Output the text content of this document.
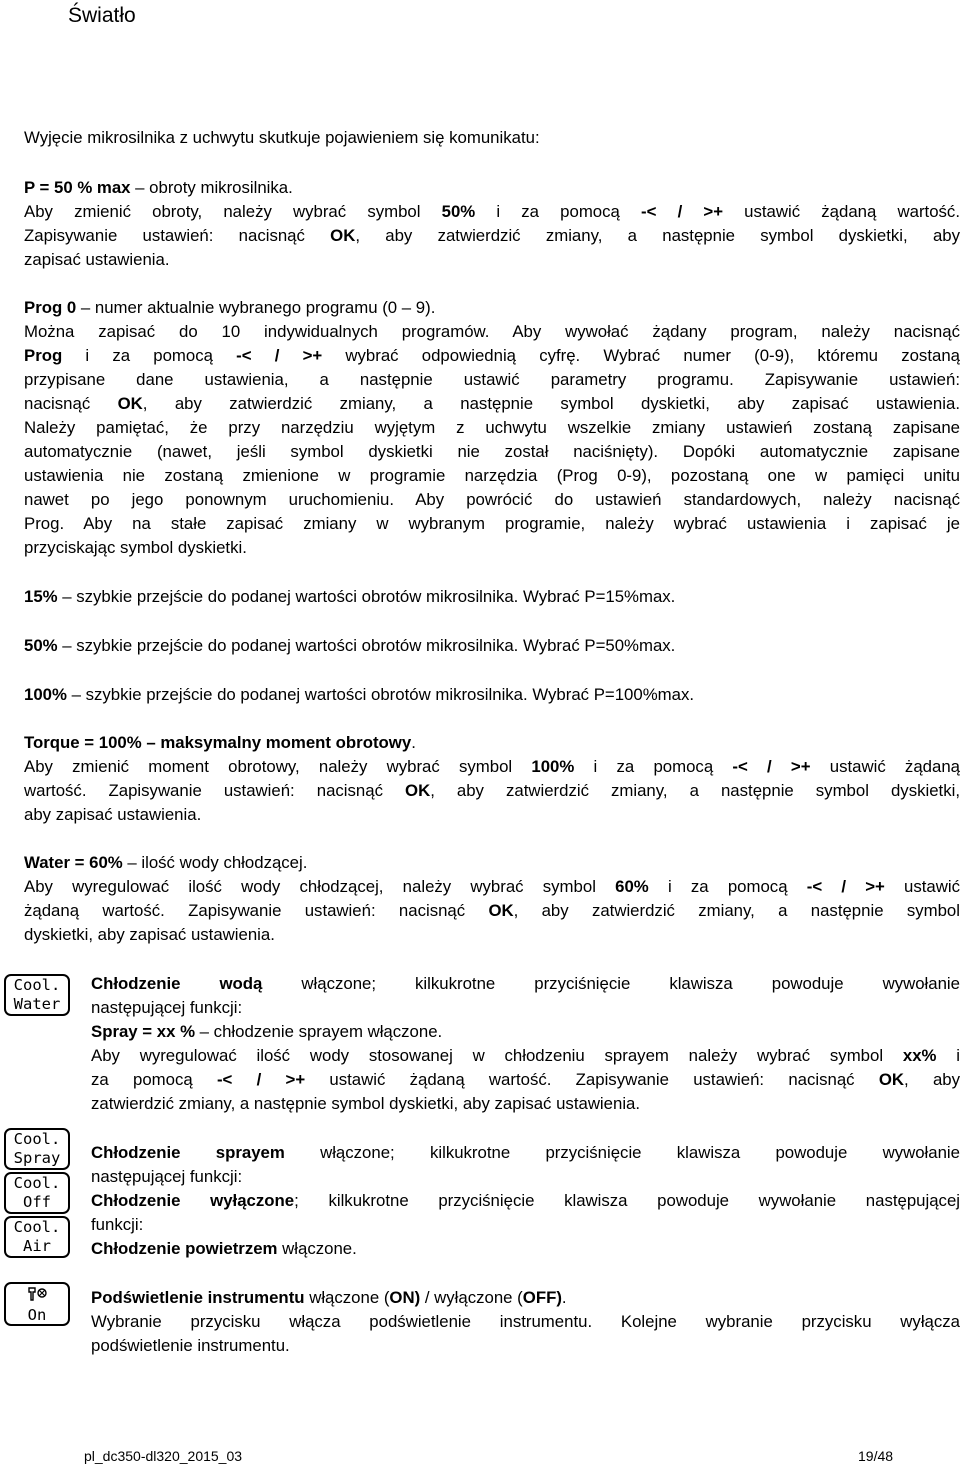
Światło
Wyjęcie mikrosilnika z uchwytu skutkuje pojawieniem się komunikatu:
P = 50 % max – obroty mikrosilnika.
Aby zmienić obroty, należy wybrać symbol 50% i za pomocą -< / >+ ustawić żądaną wartość.
Zapisywanie ustawień: nacisnąć OK, aby zatwierdzić zmiany, a następnie symbol dyskietki, aby
zapisać ustawienia.
Prog 0 – numer aktualnie wybranego programu (0 – 9).
Można zapisać do 10 indywidualnych programów. Aby wywołać żądany program, należy nacisnąć
Prog i za pomocą -< / >+ wybrać odpowiednią cyfrę. Wybrać numer (0-9), któremu zostaną
przypisane dane ustawienia, a następnie ustawić parametry programu. Zapisywanie ustawień:
nacisnąć OK, aby zatwierdzić zmiany, a następnie symbol dyskietki, aby zapisać ustawienia.
Należy pamiętać, że przy narzędziu wyjętym z uchwytu wszelkie zmiany ustawień zostaną zapisane
automatycznie (nawet, jeśli symbol dyskietki nie został naciśnięty). Dopóki automatycznie zapisane
ustawienia nie zostaną zmienione w programie narzędzia (Prog 0-9), pozostaną one w pamięci unitu
nawet po jego ponownym uruchomieniu. Aby powrócić do ustawień standardowych, należy nacisnąć
Prog. Aby na stałe zapisać zmiany w wybranym programie, należy wybrać ustawienia i zapisać je
przyciskając symbol dyskietki.
15% – szybkie przejście do podanej wartości obrotów mikrosilnika. Wybrać P=15%max.
50% – szybkie przejście do podanej wartości obrotów mikrosilnika. Wybrać P=50%max.
100% – szybkie przejście do podanej wartości obrotów mikrosilnika. Wybrać P=100%max.
Torque = 100% – maksymalny moment obrotowy.
Aby zmienić moment obrotowy, należy wybrać symbol 100% i za pomocą -< / >+ ustawić żądaną
wartość. Zapisywanie ustawień: nacisnąć OK, aby zatwierdzić zmiany, a następnie symbol dyskietki,
aby zapisać ustawienia.
Water = 60% – ilość wody chłodzącej.
Aby wyregulować ilość wody chłodzącej, należy wybrać symbol 60% i za pomocą -< / >+ ustawić
żądaną wartość. Zapisywanie ustawień: nacisnąć OK, aby zatwierdzić zmiany, a następnie symbol
dyskietki, aby zapisać ustawienia.
Cool.
Water
Chłodzenie wodą włączone; kilkukrotne przyciśnięcie klawisza powoduje wywołanie
następującej funkcji:
Spray = xx % – chłodzenie sprayem włączone.
Aby wyregulować ilość wody stosowanej w chłodzeniu sprayem należy wybrać symbol xx% i
za pomocą -< / >+ ustawić żądaną wartość. Zapisywanie ustawień: nacisnąć OK, aby
zatwierdzić zmiany, a następnie symbol dyskietki, aby zapisać ustawienia.
Cool.
Spray
Cool.
Off
Cool.
Air
Chłodzenie sprayem włączone; kilkukrotne przyciśnięcie klawisza powoduje wywołanie
następującej funkcji:
Chłodzenie wyłączone; kilkukrotne przyciśnięcie klawisza powoduje wywołanie następującej
funkcji:
Chłodzenie powietrzem włączone.
On
Podświetlenie instrumentu włączone (ON) / wyłączone (OFF).
Wybranie przycisku włącza podświetlenie instrumentu. Kolejne wybranie przycisku wyłącza
podświetlenie instrumentu.
pl_dc350-dl320_2015_03	19/48
